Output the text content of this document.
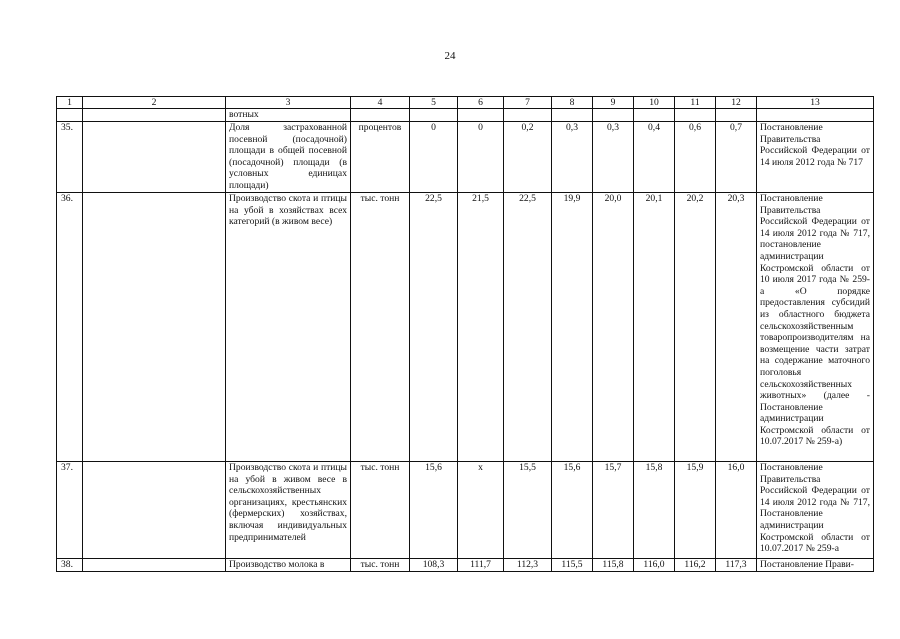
24
1	2	3	4	5	6	7	8	9	10	11	12	13
		вотных										
35.		Доля застрахованной посевной (посадочной) площади в общей посевной (посадочной) площади (в условных единицах площади)	процентов	0	0	0,2	0,3	0,3	0,4	0,6	0,7	Постановление Правительства Российской Федерации от 14 июля 2012 года № 717
36.		Производство скота и птицы на убой в хозяйствах всех категорий (в живом весе)	тыс. тонн	22,5	21,5	22,5	19,9	20,0	20,1	20,2	20,3	Постановление Правительства Российской Федерации от 14 июля 2012 года № 717, постановление администрации Костромской области от 10 июля 2017 года № 259-а «О порядке предоставления субсидий из областного бюджета сельскохозяйственным товаропроизводителям на возмещение части затрат на содержание маточного поголовья сельскохозяйственных животных» (далее - Постановление администрации Костромской области от 10.07.2017 № 259-а)
37.		Производство скота и птицы на убой в живом весе в сельскохозяйственных организациях, крестьянских (фермерских) хозяйствах, включая индивидуальных предпринимателей	тыс. тонн	15,6	x	15,5	15,6	15,7	15,8	15,9	16,0	Постановление Правительства Российской Федерации от 14 июля 2012 года № 717, Постановление администрации Костромской области от 10.07.2017 № 259-а
38.		Производство молока в	тыс. тонн	108,3	111,7	112,3	115,5	115,8	116,0	116,2	117,3	Постановление Прави-
